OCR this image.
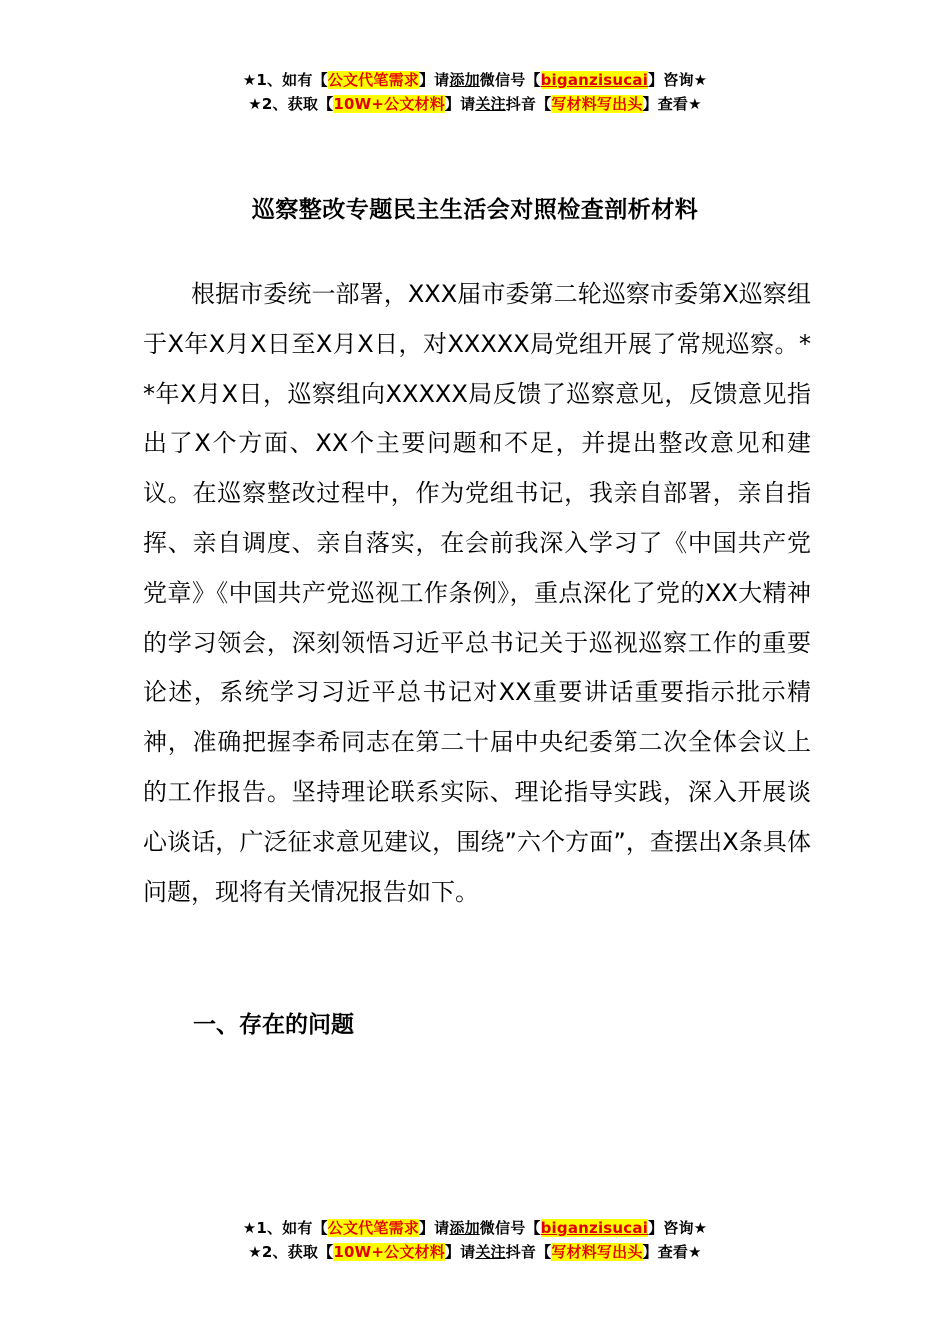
★1、如有【公文代笔需求】请添加微信号【biganzisucai】咨询★
★2、获取【10W+公文材料】请关注抖音【写材料写出头】查看★
巡察整改专题民主生活会对照检查剖析材料

根据市委统一部署，XXX届市委第二轮巡察市委第X巡察组于X年X月X日至X月X日，对XXXXX局党组开展了常规巡察。**年X月X日，巡察组向XXXXX局反馈了巡察意见，反馈意见指出了X个方面、XX个主要问题和不足，并提出整改意见和建议。在巡察整改过程中，作为党组书记，我亲自部署，亲自指挥、亲自调度、亲自落实，在会前我深入学习了《中国共产党党章》《中国共产党巡视工作条例》，重点深化了党的XX大精神的学习领会，深刻领悟习近平总书记关于巡视巡察工作的重要论述，系统学习习近平总书记对XX重要讲话重要指示批示精神，准确把握李希同志在第二十届中央纪委第二次全体会议上的工作报告。坚持理论联系实际、理论指导实践，深入开展谈心谈话，广泛征求意见建议，围绕”六个方面”，查摆出X条具体问题，现将有关情况报告如下。

一、存在的问题
★1、如有【公文代笔需求】请添加微信号【biganzisucai】咨询★
★2、获取【10W+公文材料】请关注抖音【写材料写出头】查看★
